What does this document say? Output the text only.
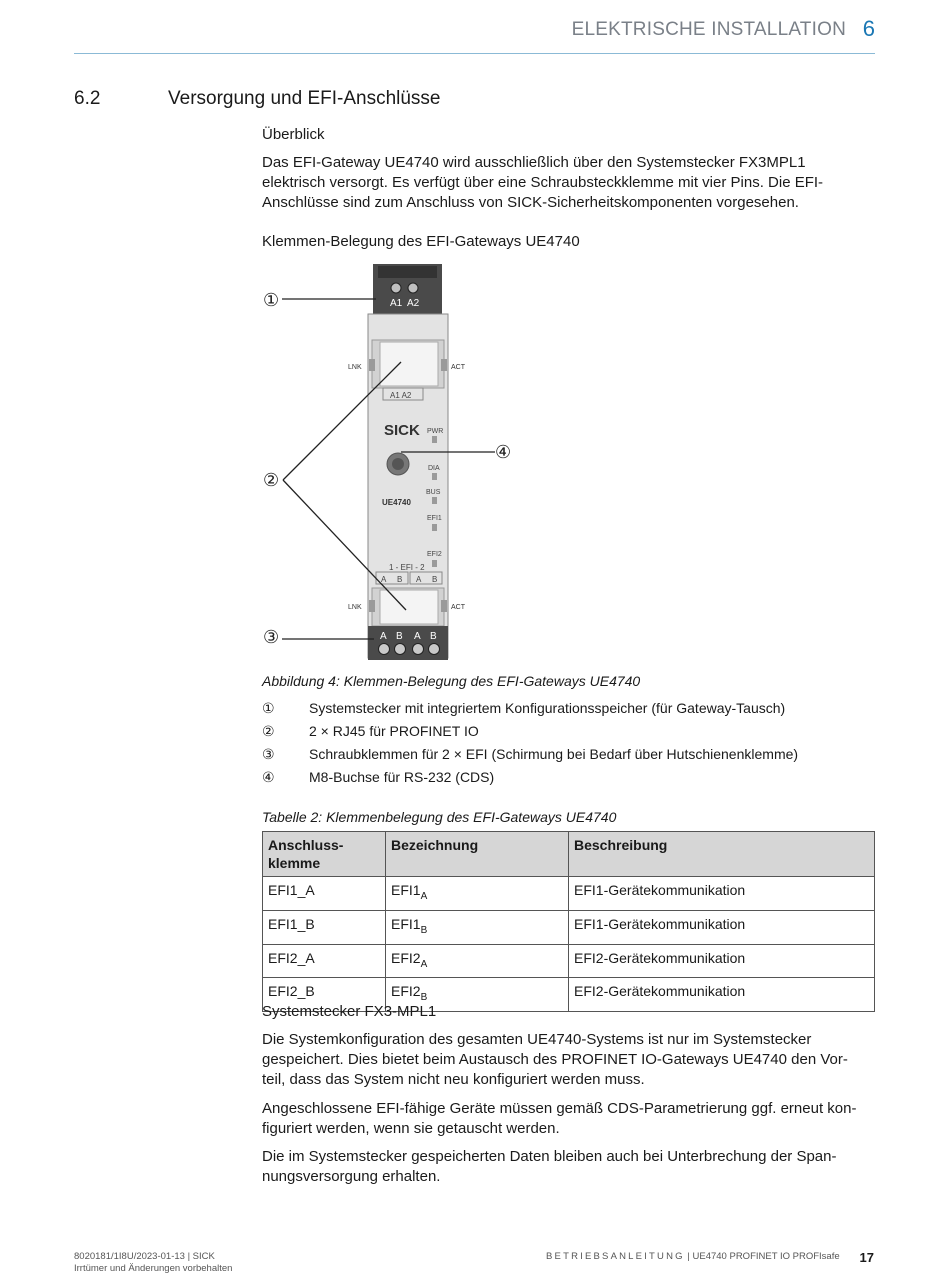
ELEKTRISCHE INSTALLATION 6
6.2	Versorgung und EFI-Anschlüsse
Überblick
Das EFI-Gateway UE4740 wird ausschließlich über den Systemstecker FX3MPL1
elektrisch versorgt. Es verfügt über eine Schraubsteckklemme mit vier Pins. Die EFI-
Anschlüsse sind zum Anschluss von SICK-Sicherheitskomponenten vorgesehen.
Klemmen-Belegung des EFI-Gateways UE4740
A1 A2
LNK	ACT
A1 A2
SICK PWR
DIA
BUS
UE4740
EFI1
EFI2
1 - EFI - 2
A B A B
LNK	ACT
A B A B
①
②
③
④
Abbildung 4: Klemmen-Belegung des EFI-Gateways UE4740
① Systemstecker mit integriertem Konfigurationsspeicher (für Gateway-Tausch)
② 2 × RJ45 für PROFINET IO
③ Schraubklemmen für 2 × EFI (Schirmung bei Bedarf über Hutschienenklemme)
④ M8-Buchse für RS-232 (CDS)
Tabelle 2: Klemmenbelegung des EFI-Gateways UE4740
Anschluss-
klemme	Bezeichnung	Beschreibung
EFI1_A	$EFI1_A$	EFI1-Gerätekommunikation
EFI1_B	$EFI1_B$	EFI1-Gerätekommunikation
EFI2_A	$EFI2_A$	EFI2-Gerätekommunikation
EFI2_B	$EFI2_B$	EFI2-Gerätekommunikation
Systemstecker FX3-MPL1
Die Systemkonfiguration des gesamten UE4740-Systems ist nur im Systemstecker
gespeichert. Dies bietet beim Austausch des PROFINET IO-Gateways UE4740 den Vor-
teil, dass das System nicht neu konfiguriert werden muss.
Angeschlossene EFI-fähige Geräte müssen gemäß CDS-Parametrierung ggf. erneut kon-
figuriert werden, wenn sie getauscht werden.
Die im Systemstecker gespeicherten Daten bleiben auch bei Unterbrechung der Span-
nungsversorgung erhalten.
8020181/1I8U/2023-01-13 | SICK
Irrtümer und Änderungen vorbehalten
BETRIEBSANLEITUNG | UE4740 PROFINET IO PROFIsafe 17
